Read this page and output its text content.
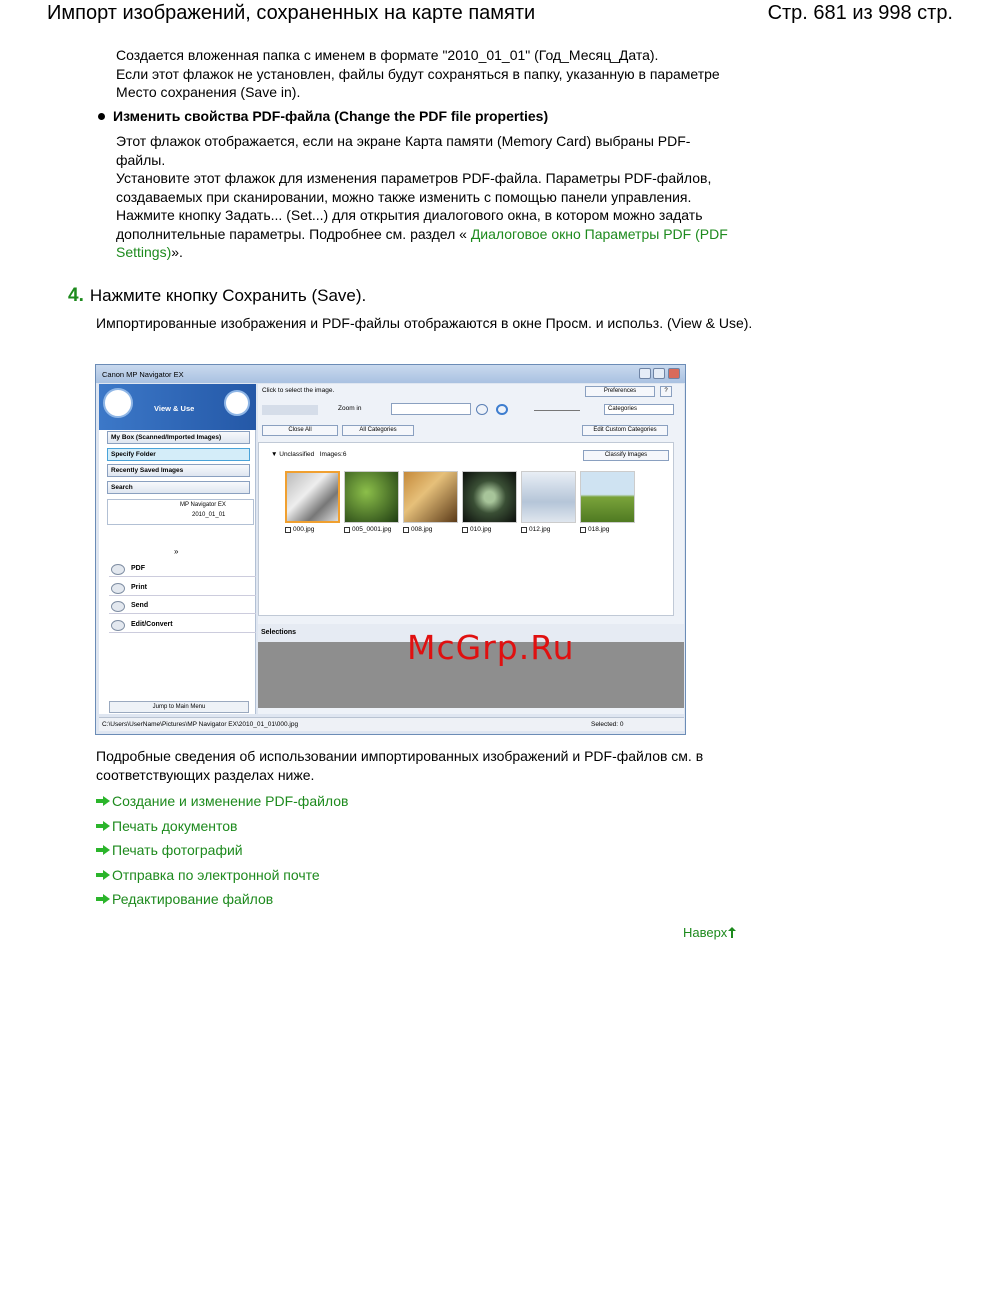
Импорт изображений, сохраненных на карте памяти	Стр. 681 из 998 стр.
Создается вложенная папка с именем в формате "2010_01_01" (Год_Месяц_Дата).
Если этот флажок не установлен, файлы будут сохраняться в папку, указанную в параметре Место сохранения (Save in).
Изменить свойства PDF-файла (Change the PDF file properties)
Этот флажок отображается, если на экране Карта памяти (Memory Card) выбраны PDF-файлы.
Установите этот флажок для изменения параметров PDF-файла. Параметры PDF-файлов, создаваемых при сканировании, можно также изменить с помощью панели управления. Нажмите кнопку Задать... (Set...) для открытия диалогового окна, в котором можно задать дополнительные параметры. Подробнее см. раздел « Диалоговое окно Параметры PDF (PDF Settings)».
4. Нажмите кнопку Сохранить (Save).
Импортированные изображения и PDF-файлы отображаются в окне Просм. и использ. (View & Use).
Canon MP Navigator EX
View & Use
My Box (Scanned/Imported Images)
Specify Folder
Recently Saved Images
Search
MP Navigator EX
2010_01_01
»
PDF
Print
Send
Edit/Convert
Jump to Main Menu
Click to select the image.	Preferences	?
Zoom in	Categories
Close All	All Categories	Edit Custom Categories
▼ Unclassified Images:6	Classify Images
000.jpg	005_0001.jpg	008.jpg	010.jpg	012.jpg	018.jpg
Selections
C:\Users\UserName\Pictures\MP Navigator EX\2010_01_01\000.jpg	Selected: 0
McGrp.Ru
Подробные сведения об использовании импортированных изображений и PDF-файлов см. в соответствующих разделах ниже.
Создание и изменение PDF-файлов
Печать документов
Печать фотографий
Отправка по электронной почте
Редактирование файлов
Наверх
